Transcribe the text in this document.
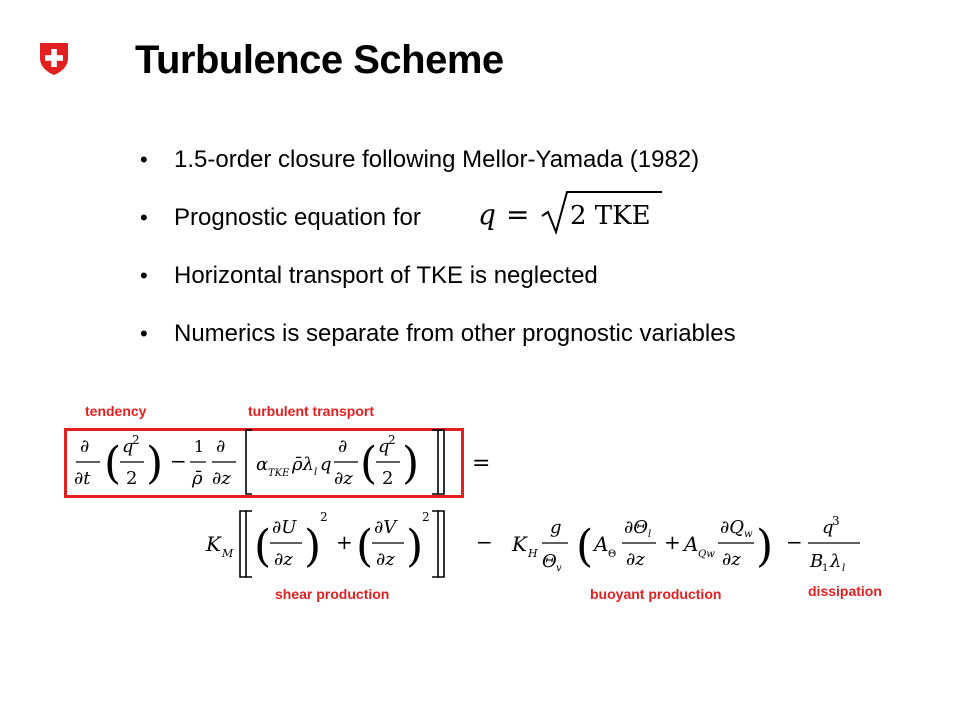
Turbulence Scheme
• 1.5-order closure following Mellor-Yamada (1982)
• Prognostic equation for
• Horizontal transport of TKE is neglected
• Numerics is separate from other prognostic variables
q = 2 TKE
tendency	turbulent transport
shear production	buoyant production	dissipation
∂
∂t ( q
2
2 ) −
1
ρ̄
∂
∂z
α TKE ρ̄λ l q
∂
∂z ( q
2
2 ) =
K M ( ∂U
∂z )
2
+ ( ∂V
∂z )
2
− K H
g
Θ v ( A Θ
∂Θ l
∂z
+ A Qw
∂Q w
∂z ) −
q
3
B
1 λ l
